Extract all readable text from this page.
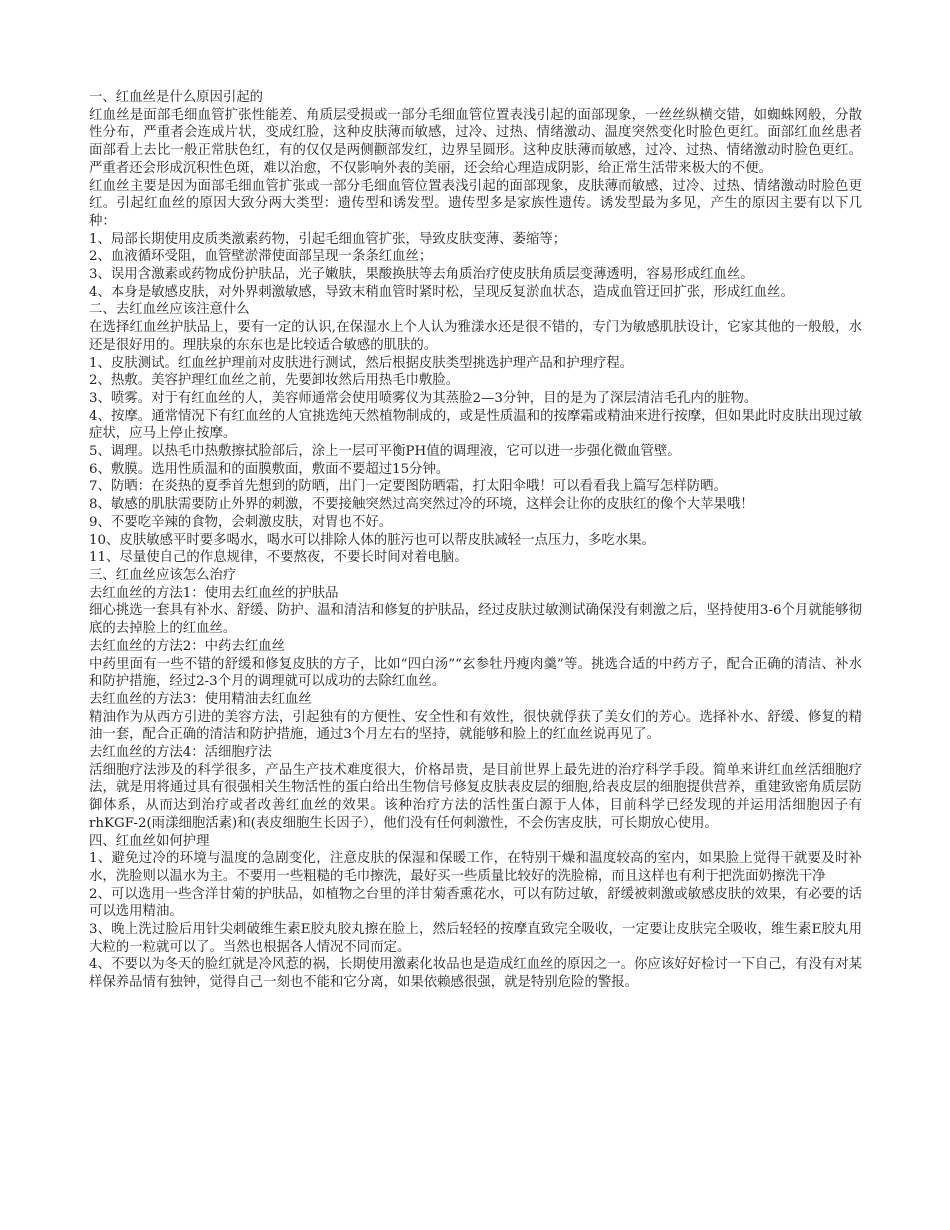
一、红血丝是什么原因引起的

红血丝是面部毛细血管扩张性能差、角质层受损或一部分毛细血管位置表浅引起的面部现象，一丝丝纵横交错，如蜘蛛网般，分散性分布，严重者会连成片状，变成红脸，这种皮肤薄而敏感，过冷、过热、情绪激动、温度突然变化时脸色更红。面部红血丝患者面部看上去比一般正常肤色红，有的仅仅是两侧颧部发红，边界呈圆形。这种皮肤薄而敏感，过冷、过热、情绪激动时脸色更红。严重者还会形成沉积性色斑，难以治愈，不仅影响外表的美丽，还会给心理造成阴影，给正常生活带来极大的不便。

红血丝主要是因为面部毛细血管扩张或一部分毛细血管位置表浅引起的面部现象，皮肤薄而敏感，过冷、过热、情绪激动时脸色更红。引起红血丝的原因大致分两大类型：遗传型和诱发型。遗传型多是家族性遗传。诱发型最为多见，产生的原因主要有以下几种：

1、局部长期使用皮质类激素药物，引起毛细血管扩张，导致皮肤变薄、萎缩等；

2、血液循环受阻，血管壁淤滞使面部呈现一条条红血丝；

3、误用含激素或药物成份护肤品，光子嫩肤，果酸换肤等去角质治疗使皮肤角质层变薄透明，容易形成红血丝。

4、本身是敏感皮肤，对外界刺激敏感，导致末稍血管时紧时松，呈现反复淤血状态，造成血管迂回扩张，形成红血丝。

二、去红血丝应该注意什么

在选择红血丝护肤品上，要有一定的认识,在保湿水上个人认为雅漾水还是很不错的，专门为敏感肌肤设计，它家其他的一般般，水还是很好用的。理肤泉的东东也是比较适合敏感的肌肤的。

1、皮肤测试。红血丝护理前对皮肤进行测试，然后根据皮肤类型挑选护理产品和护理疗程。

2、热敷。美容护理红血丝之前，先要卸妆然后用热毛巾敷脸。

3、喷雾。对于有红血丝的人，美容师通常会使用喷雾仪为其蒸脸2—3分钟，目的是为了深层清洁毛孔内的脏物。

4、按摩。通常情况下有红血丝的人宜挑选纯天然植物制成的，或是性质温和的按摩霜或精油来进行按摩，但如果此时皮肤出现过敏症状，应马上停止按摩。

5、调理。以热毛巾热敷擦拭脸部后，涂上一层可平衡PH值的调理液，它可以进一步强化微血管壁。

6、敷膜。选用性质温和的面膜敷面，敷面不要超过15分钟。

7、防晒：在炎热的夏季首先想到的防晒，出门一定要图防晒霜，打太阳伞哦！可以看看我上篇写怎样防晒。

8、敏感的肌肤需要防止外界的刺激，不要接触突然过高突然过冷的环境，这样会让你的皮肤红的像个大苹果哦！

9、不要吃辛辣的食物，会刺激皮肤，对胃也不好。

10、皮肤敏感平时要多喝水，喝水可以排除人体的脏污也可以帮皮肤减轻一点压力，多吃水果。

11、尽量使自己的作息规律，不要熬夜，不要长时间对着电脑。

三、红血丝应该怎么治疗
去红血丝的方法1：使用去红血丝的护肤品

细心挑选一套具有补水、舒缓、防护、温和清洁和修复的护肤品，经过皮肤过敏测试确保没有刺激之后，坚持使用3-6个月就能够彻底的去掉脸上的红血丝。

去红血丝的方法2：中药去红血丝

中药里面有一些不错的舒缓和修复皮肤的方子，比如“四白汤”“玄参牡丹瘦肉羹”等。挑选合适的中药方子，配合正确的清洁、补水和防护措施，经过2-3个月的调理就可以成功的去除红血丝。

去红血丝的方法3：使用精油去红血丝

精油作为从西方引进的美容方法，引起独有的方便性、安全性和有效性，很快就俘获了美女们的芳心。选择补水、舒缓、修复的精油一套，配合正确的清洁和防护措施，通过3个月左右的坚持，就能够和脸上的红血丝说再见了。

去红血丝的方法4：活细胞疗法

活细胞疗法涉及的科学很多，产品生产技术难度很大，价格昂贵，是目前世界上最先进的治疗科学手段。简单来讲红血丝活细胞疗法，就是用将通过具有很强相关生物活性的蛋白给出生物信号修复皮肤表皮层的细胞,给表皮层的细胞提供营养，重建致密角质层防御体系，从而达到治疗或者改善红血丝的效果。该种治疗方法的活性蛋白源于人体，目前科学已经发现的并运用活细胞因子有rhKGF-2(雨漾细胞活素)和(表皮细胞生长因子），他们没有任何刺激性，不会伤害皮肤，可长期放心使用。

四、红血丝如何护理

1、避免过冷的环境与温度的急剧变化，注意皮肤的保湿和保暖工作，在特别干燥和温度较高的室内，如果脸上觉得干就要及时补水，洗脸则以温水为主。不要用一些粗糙的毛巾擦洗，最好买一些质量比较好的洗脸棉，而且这样也有利于把洗面奶擦洗干净

2、可以选用一些含洋甘菊的护肤品，如植物之台里的洋甘菊香熏花水，可以有防过敏，舒缓被刺激或敏感皮肤的效果，有必要的话可以选用精油。

3、晚上洗过脸后用针尖刺破维生素E胶丸胶丸擦在脸上，然后轻轻的按摩直致完全吸收，一定要让皮肤完全吸收，维生素E胶丸用大粒的一粒就可以了。当然也根据各人情况不同而定。

4、不要以为冬天的脸红就是冷风惹的祸，长期使用激素化妆品也是造成红血丝的原因之一。你应该好好检讨一下自己，有没有对某样保养品情有独钟，觉得自己一刻也不能和它分离，如果依赖感很强，就是特别危险的警报。
